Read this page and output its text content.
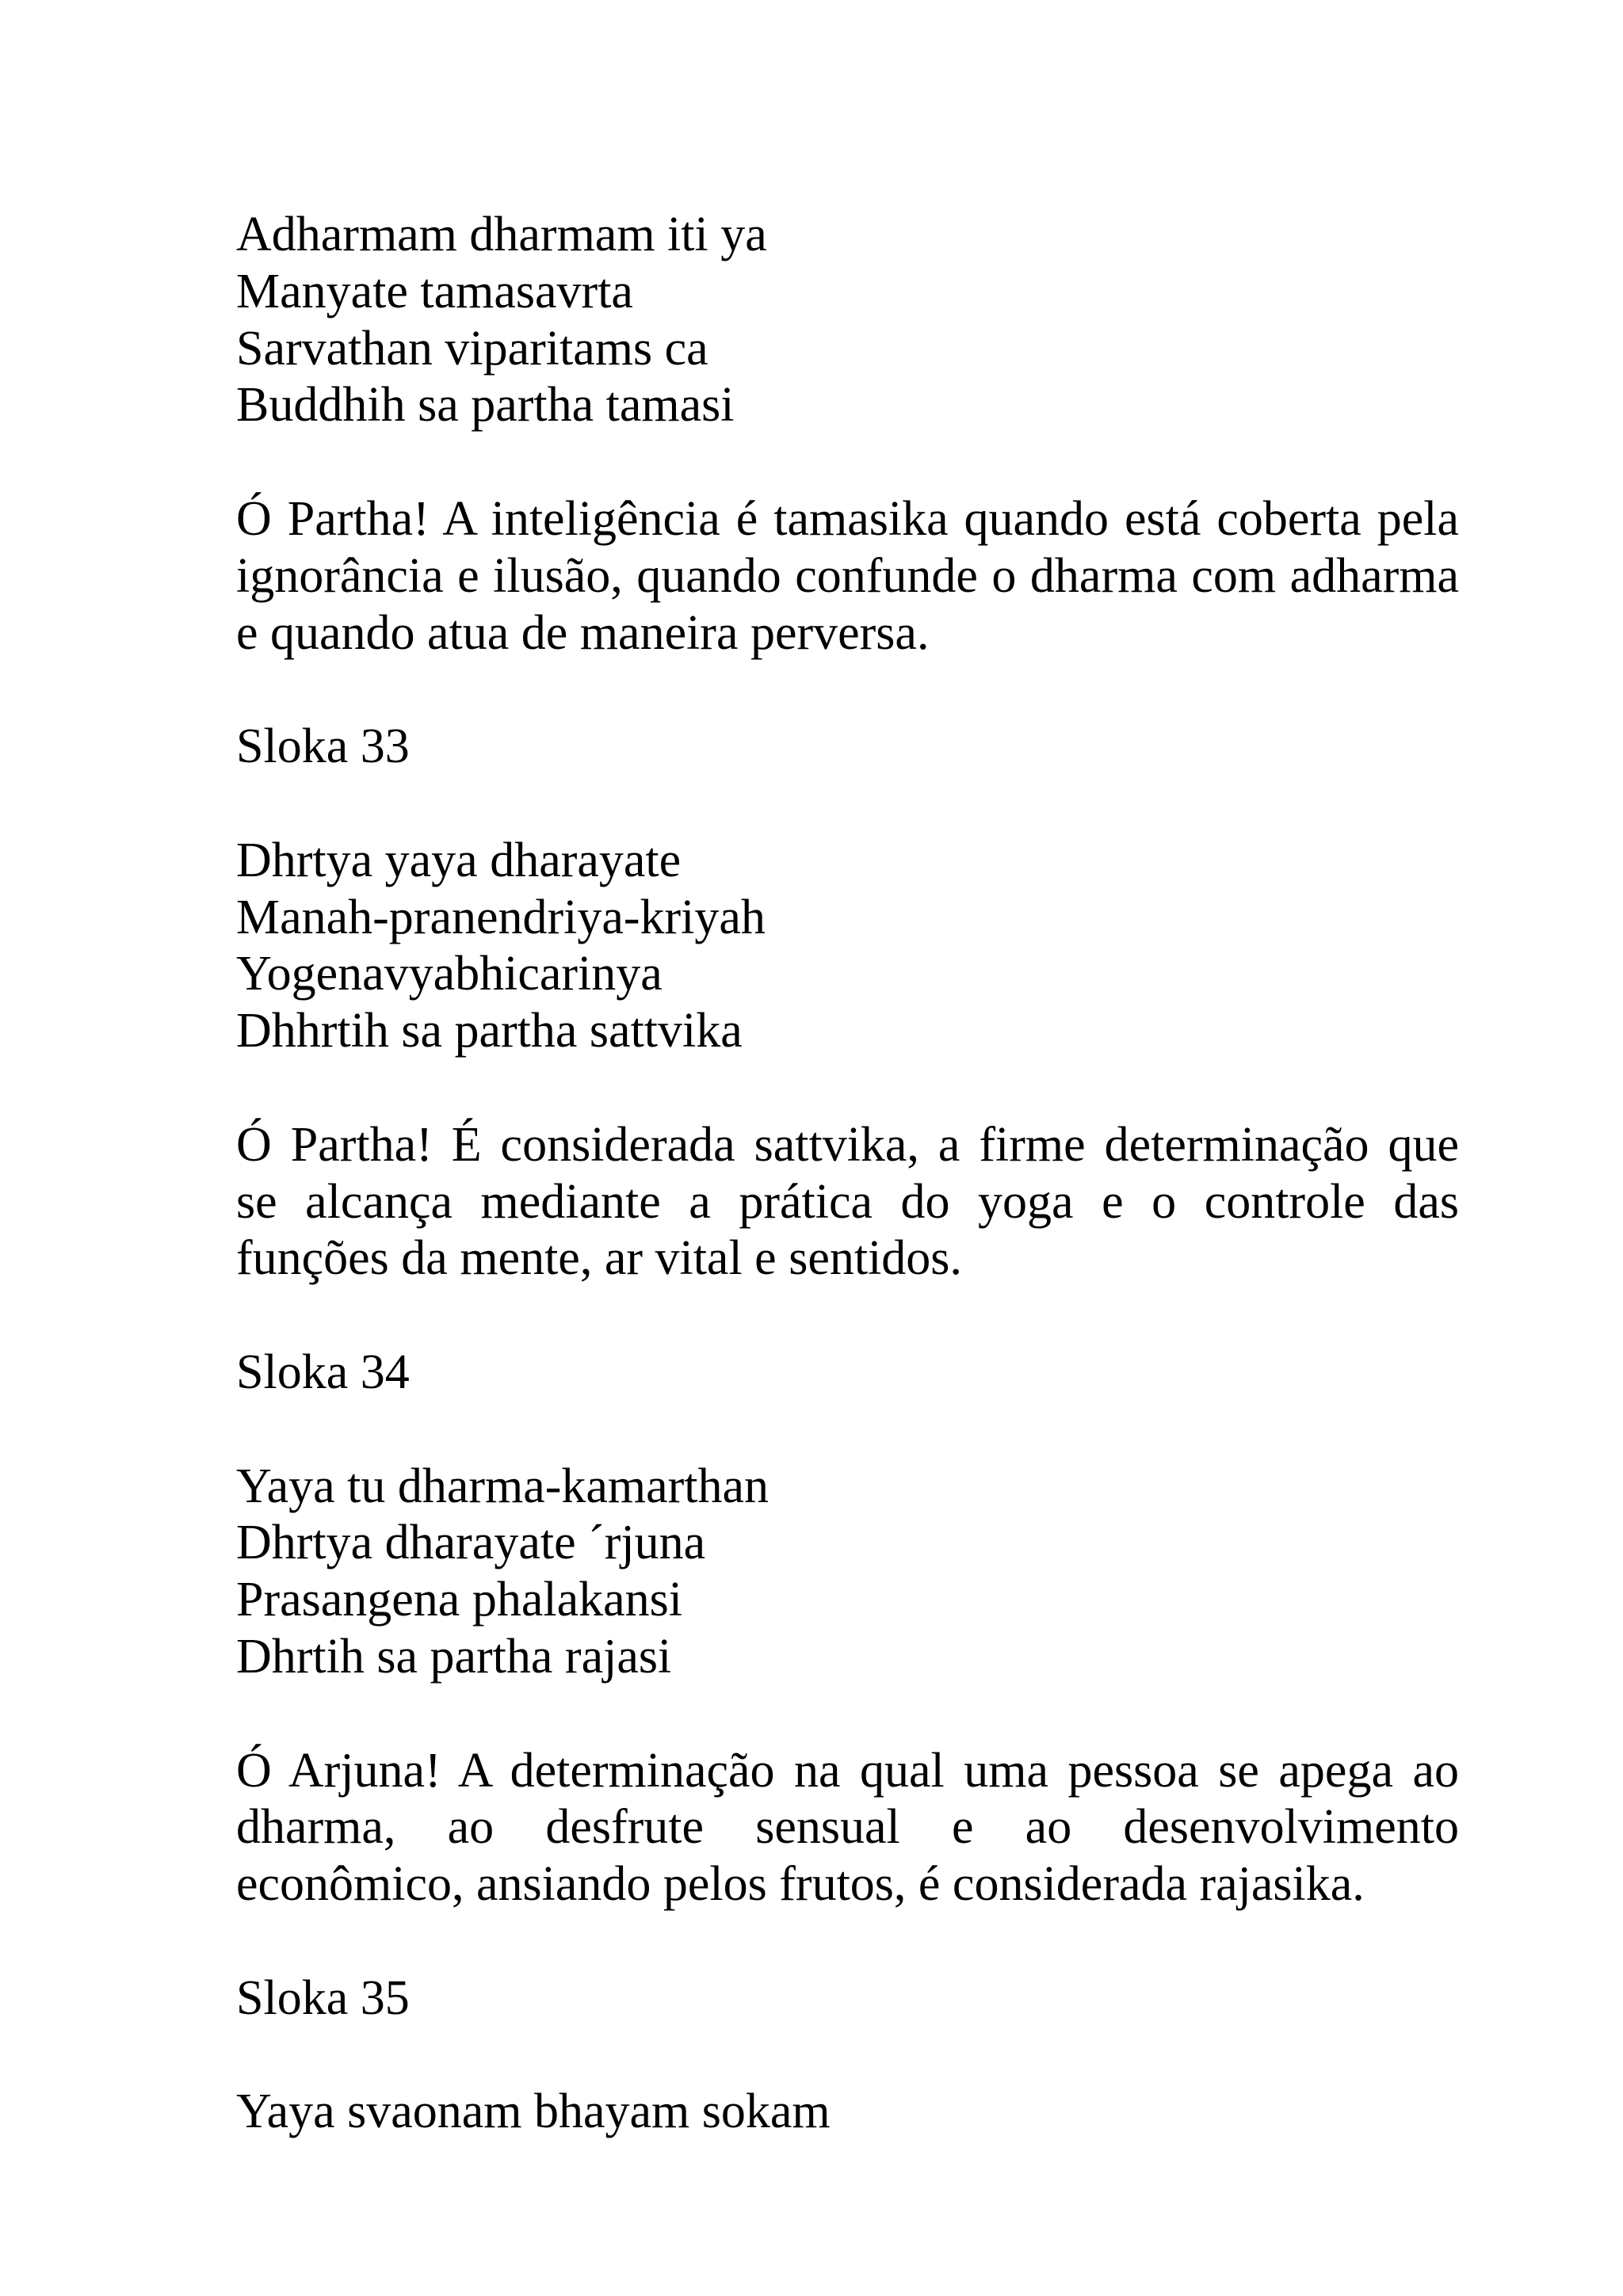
Adharmam dharmam iti ya
Manyate tamasavrta
Sarvathan viparitams ca
Buddhih sa partha tamasi
Ó Partha! A inteligência é tamasika quando está coberta pela
ignorância e ilusão, quando confunde o dharma com adharma
e quando atua de maneira perversa.
Sloka 33
Dhrtya yaya dharayate
Manah-pranendriya-kriyah
Yogenavyabhicarinya
Dhhrtih sa partha sattvika
Ó Partha! É considerada sattvika, a firme determinação que
se alcança mediante a prática do yoga e o controle das
funções da mente, ar vital e sentidos.
Sloka 34
Yaya tu dharma-kamarthan
Dhrtya dharayate ´rjuna
Prasangena phalakansi
Dhrtih sa partha rajasi
Ó Arjuna! A determinação na qual uma pessoa se apega ao
dharma, ao desfrute sensual e ao desenvolvimento
econômico, ansiando pelos frutos, é considerada rajasika.
Sloka 35
Yaya svaonam bhayam sokam
